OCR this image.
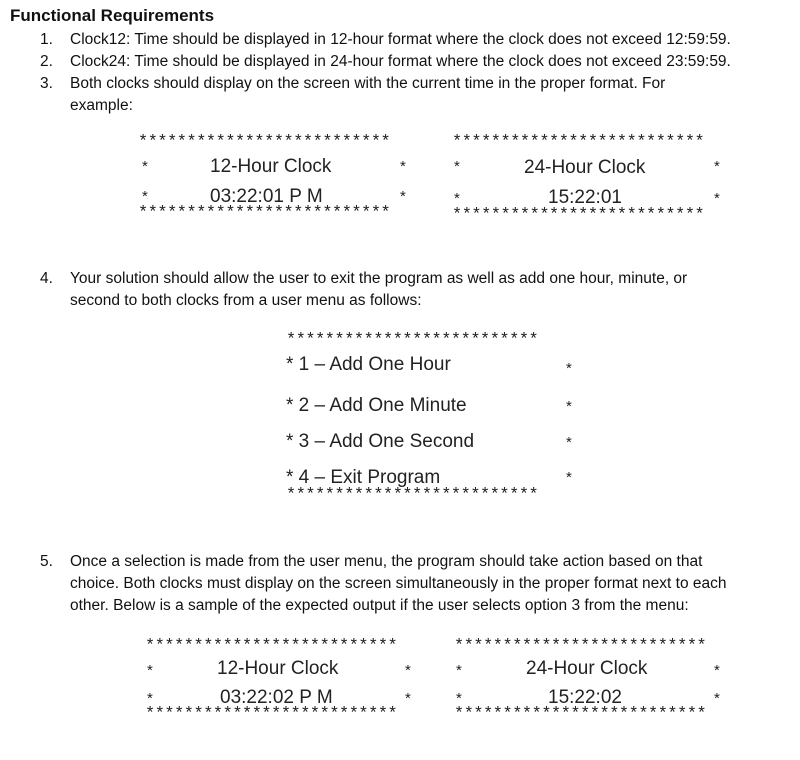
Functional Requirements
1. Clock12: Time should be displayed in 12-hour format where the clock does not exceed 12:59:59.
2. Clock24: Time should be displayed in 24-hour format where the clock does not exceed 23:59:59.
3. Both clocks should display on the screen with the current time in the proper format. For
example:
**************************
*	12-Hour Clock	*
*	03:22:01 P M	*
**************************
**************************
*	24-Hour Clock	*
*	15:22:01	*
**************************
4. Your solution should allow the user to exit the program as well as add one hour, minute, or
second to both clocks from a user menu as follows:
**************************
* 1 – Add One Hour	*
* 2 – Add One Minute	*
* 3 – Add One Second	*
* 4 – Exit Program	*
**************************
5. Once a selection is made from the user menu, the program should take action based on that
choice. Both clocks must display on the screen simultaneously in the proper format next to each
other. Below is a sample of the expected output if the user selects option 3 from the menu:
**************************
*	12-Hour Clock	*
*	03:22:02 P M	*
**************************
**************************
*	24-Hour Clock	*
*	15:22:02	*
**************************
